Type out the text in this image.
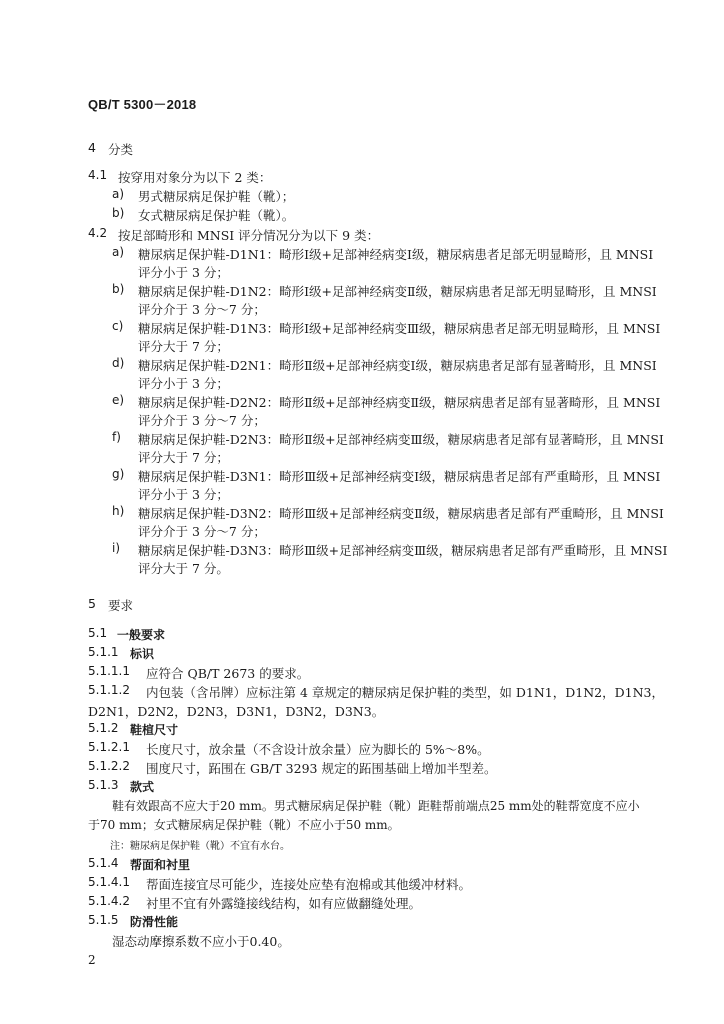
QB/T 5300－2018
4 分类
4.1 按穿用对象分为以下 2 类：
a) 男式糖尿病足保护鞋（靴）；
b) 女式糖尿病足保护鞋（靴）。
4.2 按足部畸形和 MNSI 评分情况分为以下 9 类：
a) 糖尿病足保护鞋-D1N1：畸形Ⅰ级+足部神经病变Ⅰ级，糖尿病患者足部无明显畸形，且 MNSI
评分小于 3 分；
b) 糖尿病足保护鞋-D1N2：畸形Ⅰ级+足部神经病变Ⅱ级，糖尿病患者足部无明显畸形，且 MNSI
评分介于 3 分～7 分；
c) 糖尿病足保护鞋-D1N3：畸形Ⅰ级+足部神经病变Ⅲ级，糖尿病患者足部无明显畸形，且 MNSI
评分大于 7 分；
d) 糖尿病足保护鞋-D2N1：畸形Ⅱ级+足部神经病变Ⅰ级，糖尿病患者足部有显著畸形，且 MNSI
评分小于 3 分；
e) 糖尿病足保护鞋-D2N2：畸形Ⅱ级+足部神经病变Ⅱ级，糖尿病患者足部有显著畸形，且 MNSI
评分介于 3 分～7 分；
f) 糖尿病足保护鞋-D2N3：畸形Ⅱ级+足部神经病变Ⅲ级，糖尿病患者足部有显著畸形，且 MNSI
评分大于 7 分；
g) 糖尿病足保护鞋-D3N1：畸形Ⅲ级+足部神经病变Ⅰ级，糖尿病患者足部有严重畸形，且 MNSI
评分小于 3 分；
h) 糖尿病足保护鞋-D3N2：畸形Ⅲ级+足部神经病变Ⅱ级，糖尿病患者足部有严重畸形，且 MNSI
评分介于 3 分～7 分；
i) 糖尿病足保护鞋-D3N3：畸形Ⅲ级+足部神经病变Ⅲ级，糖尿病患者足部有严重畸形，且 MNSI
评分大于 7 分。
5 要求
5.1 一般要求
5.1.1 标识
5.1.1.1 应符合 QB/T 2673 的要求。
5.1.1.2 内包装（含吊牌）应标注第 4 章规定的糖尿病足保护鞋的类型，如 D1N1，D1N2，D1N3，
D2N1，D2N2，D2N3，D3N1，D3N2，D3N3。
5.1.2 鞋楦尺寸
5.1.2.1 长度尺寸，放余量（不含设计放余量）应为脚长的 5%～8%。
5.1.2.2 围度尺寸，跖围在 GB/T 3293 规定的跖围基础上增加半型差。
5.1.3 款式
鞋有效跟高不应大于20 mm。男式糖尿病足保护鞋（靴）距鞋帮前端点25 mm处的鞋帮宽度不应小
于70 mm；女式糖尿病足保护鞋（靴）不应小于50 mm。
注：糖尿病足保护鞋（靴）不宜有水台。
5.1.4 帮面和衬里
5.1.4.1 帮面连接宜尽可能少，连接处应垫有泡棉或其他缓冲材料。
5.1.4.2 衬里不宜有外露缝接线结构，如有应做翻缝处理。
5.1.5 防滑性能
湿态动摩擦系数不应小于0.40。
2
